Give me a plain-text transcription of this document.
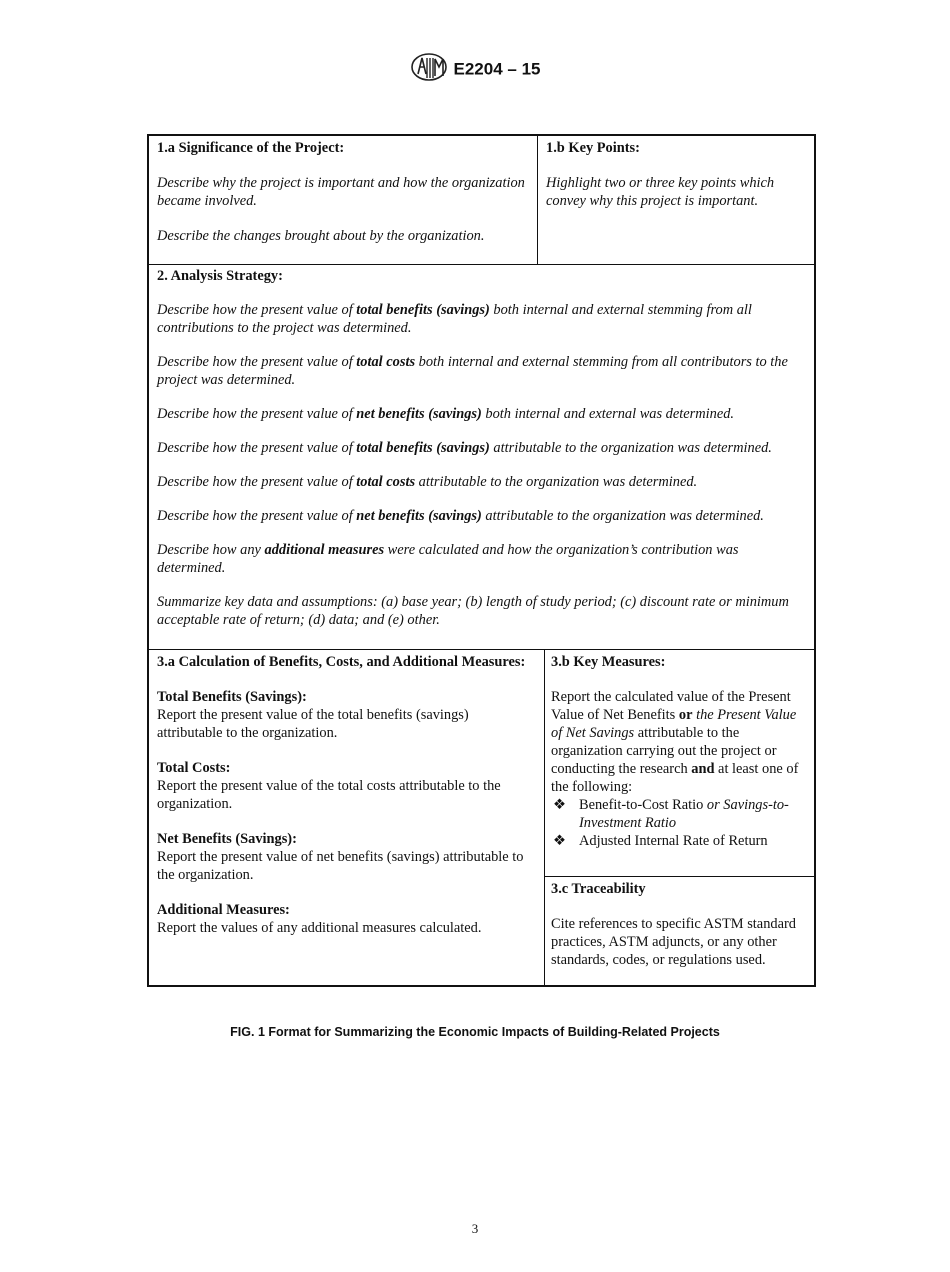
E2204 – 15

1.a Significance of the Project:

Describe why the project is important and how the organization became involved.

Describe the changes brought about by the organization.

1.b Key Points:

Highlight two or three key points which convey why this project is important.

2. Analysis Strategy:

Describe how the present value of total benefits (savings) both internal and external stemming from all contributions to the project was determined.

Describe how the present value of total costs both internal and external stemming from all contributors to the project was determined.

Describe how the present value of net benefits (savings) both internal and external was determined.

Describe how the present value of total benefits (savings) attributable to the organization was determined.

Describe how the present value of total costs attributable to the organization was determined.

Describe how the present value of net benefits (savings) attributable to the organization was determined.

Describe how any additional measures were calculated and how the organization’s contribution was determined.

Summarize key data and assumptions: (a) base year; (b) length of study period; (c) discount rate or minimum acceptable rate of return; (d) data; and (e) other.

3.a Calculation of Benefits, Costs, and Additional Measures:

Total Benefits (Savings):

Report the present value of the total benefits (savings) attributable to the organization.

Total Costs:

Report the present value of the total costs attributable to the organization.

Net Benefits (Savings):

Report the present value of net benefits (savings) attributable to the organization.

Additional Measures:

Report the values of any additional measures calculated.

3.b Key Measures:

Report the calculated value of the Present Value of Net Benefits or the Present Value of Net Savings attributable to the organization carrying out the project or conducting the research and at least one of the following:

❖ Benefit-to-Cost Ratio or Savings-to-Investment Ratio
❖ Adjusted Internal Rate of Return

3.c Traceability

Cite references to specific ASTM standard practices, ASTM adjuncts, or any other standards, codes, or regulations used.

FIG. 1 Format for Summarizing the Economic Impacts of Building-Related Projects
3
